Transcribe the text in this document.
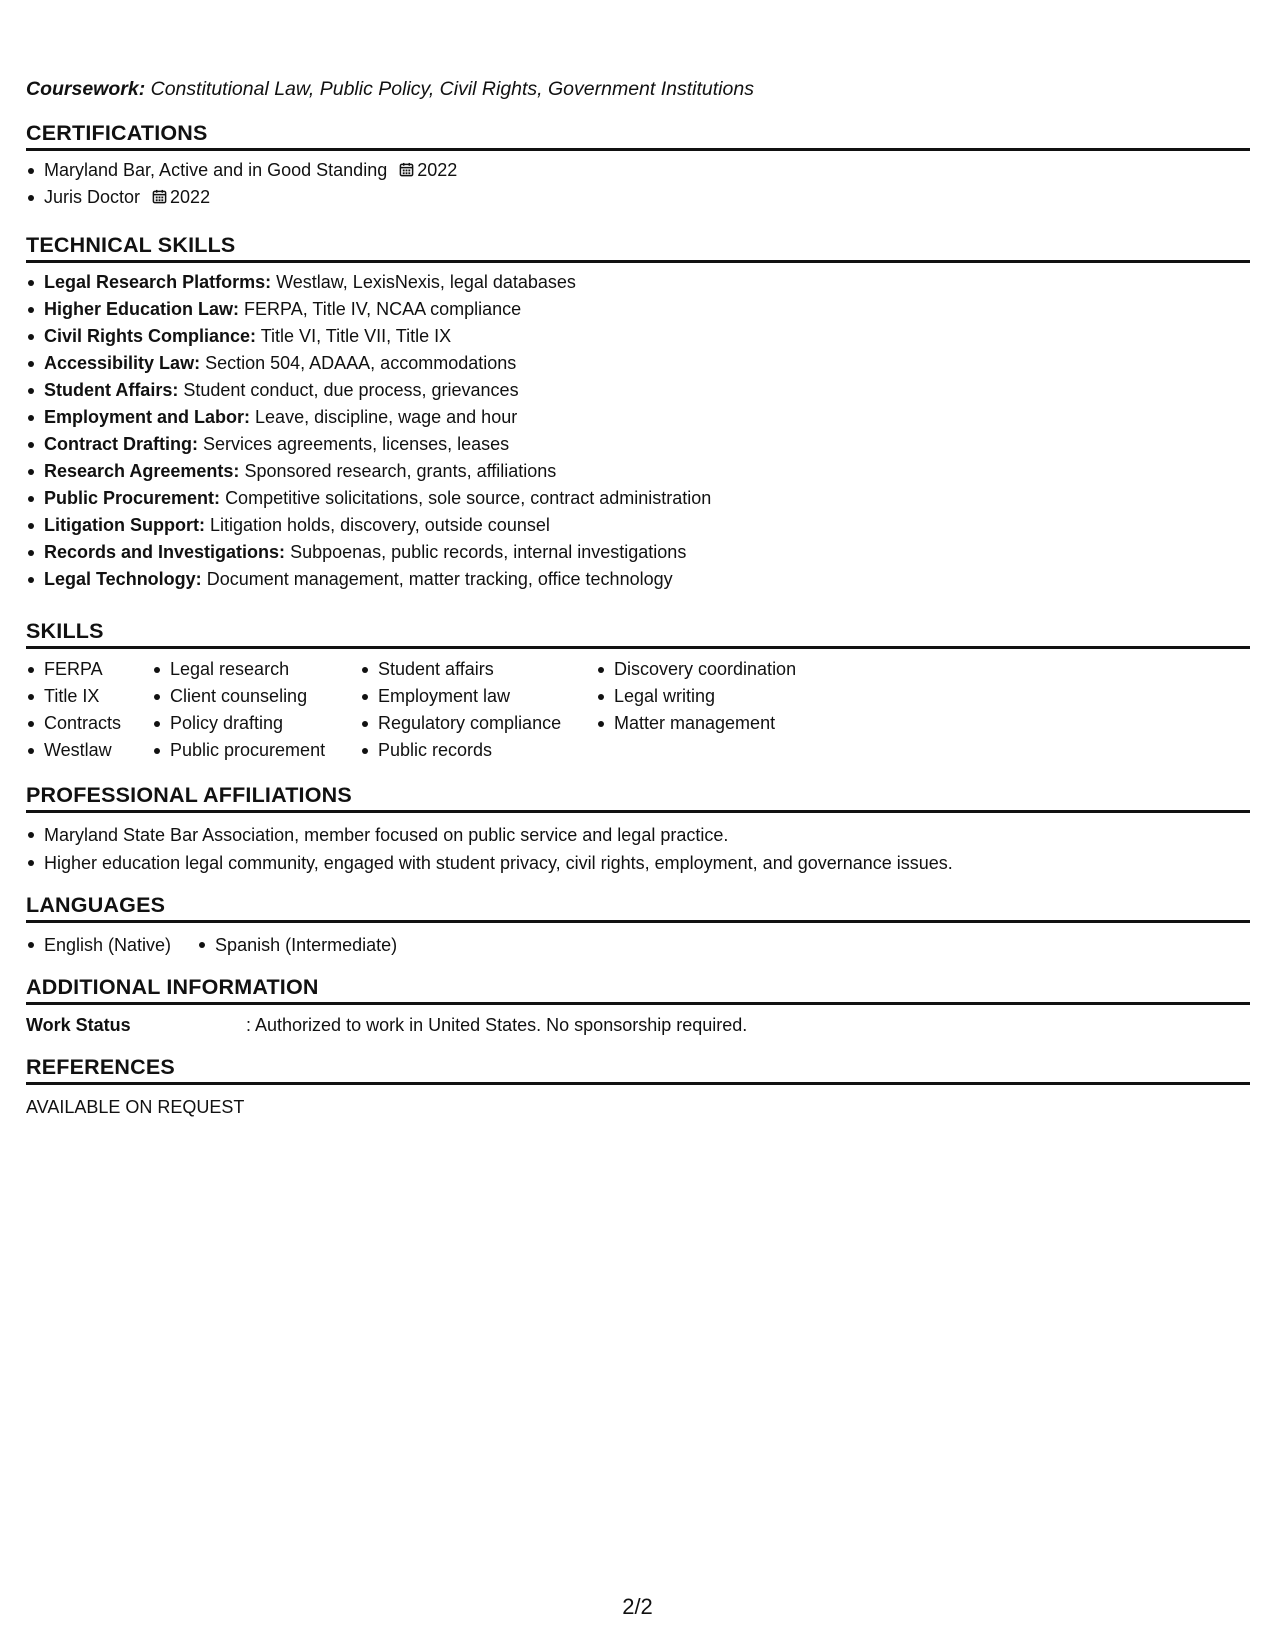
Coursework: Constitutional Law, Public Policy, Civil Rights, Government Institutions
CERTIFICATIONS
Maryland Bar, Active and in Good Standing 2022
Juris Doctor 2022
TECHNICAL SKILLS
Legal Research Platforms: Westlaw, LexisNexis, legal databases
Higher Education Law: FERPA, Title IV, NCAA compliance
Civil Rights Compliance: Title VI, Title VII, Title IX
Accessibility Law: Section 504, ADAAA, accommodations
Student Affairs: Student conduct, due process, grievances
Employment and Labor: Leave, discipline, wage and hour
Contract Drafting: Services agreements, licenses, leases
Research Agreements: Sponsored research, grants, affiliations
Public Procurement: Competitive solicitations, sole source, contract administration
Litigation Support: Litigation holds, discovery, outside counsel
Records and Investigations: Subpoenas, public records, internal investigations
Legal Technology: Document management, matter tracking, office technology
SKILLS
FERPA
Title IX
Contracts
Westlaw
Legal research
Client counseling
Policy drafting
Public procurement
Student affairs
Employment law
Regulatory compliance
Public records
Discovery coordination
Legal writing
Matter management
PROFESSIONAL AFFILIATIONS
Maryland State Bar Association, member focused on public service and legal practice.
Higher education legal community, engaged with student privacy, civil rights, employment, and governance issues.
LANGUAGES
English (Native)	Spanish (Intermediate)
ADDITIONAL INFORMATION
Work Status	: Authorized to work in United States. No sponsorship required.
REFERENCES
AVAILABLE ON REQUEST
2/2
